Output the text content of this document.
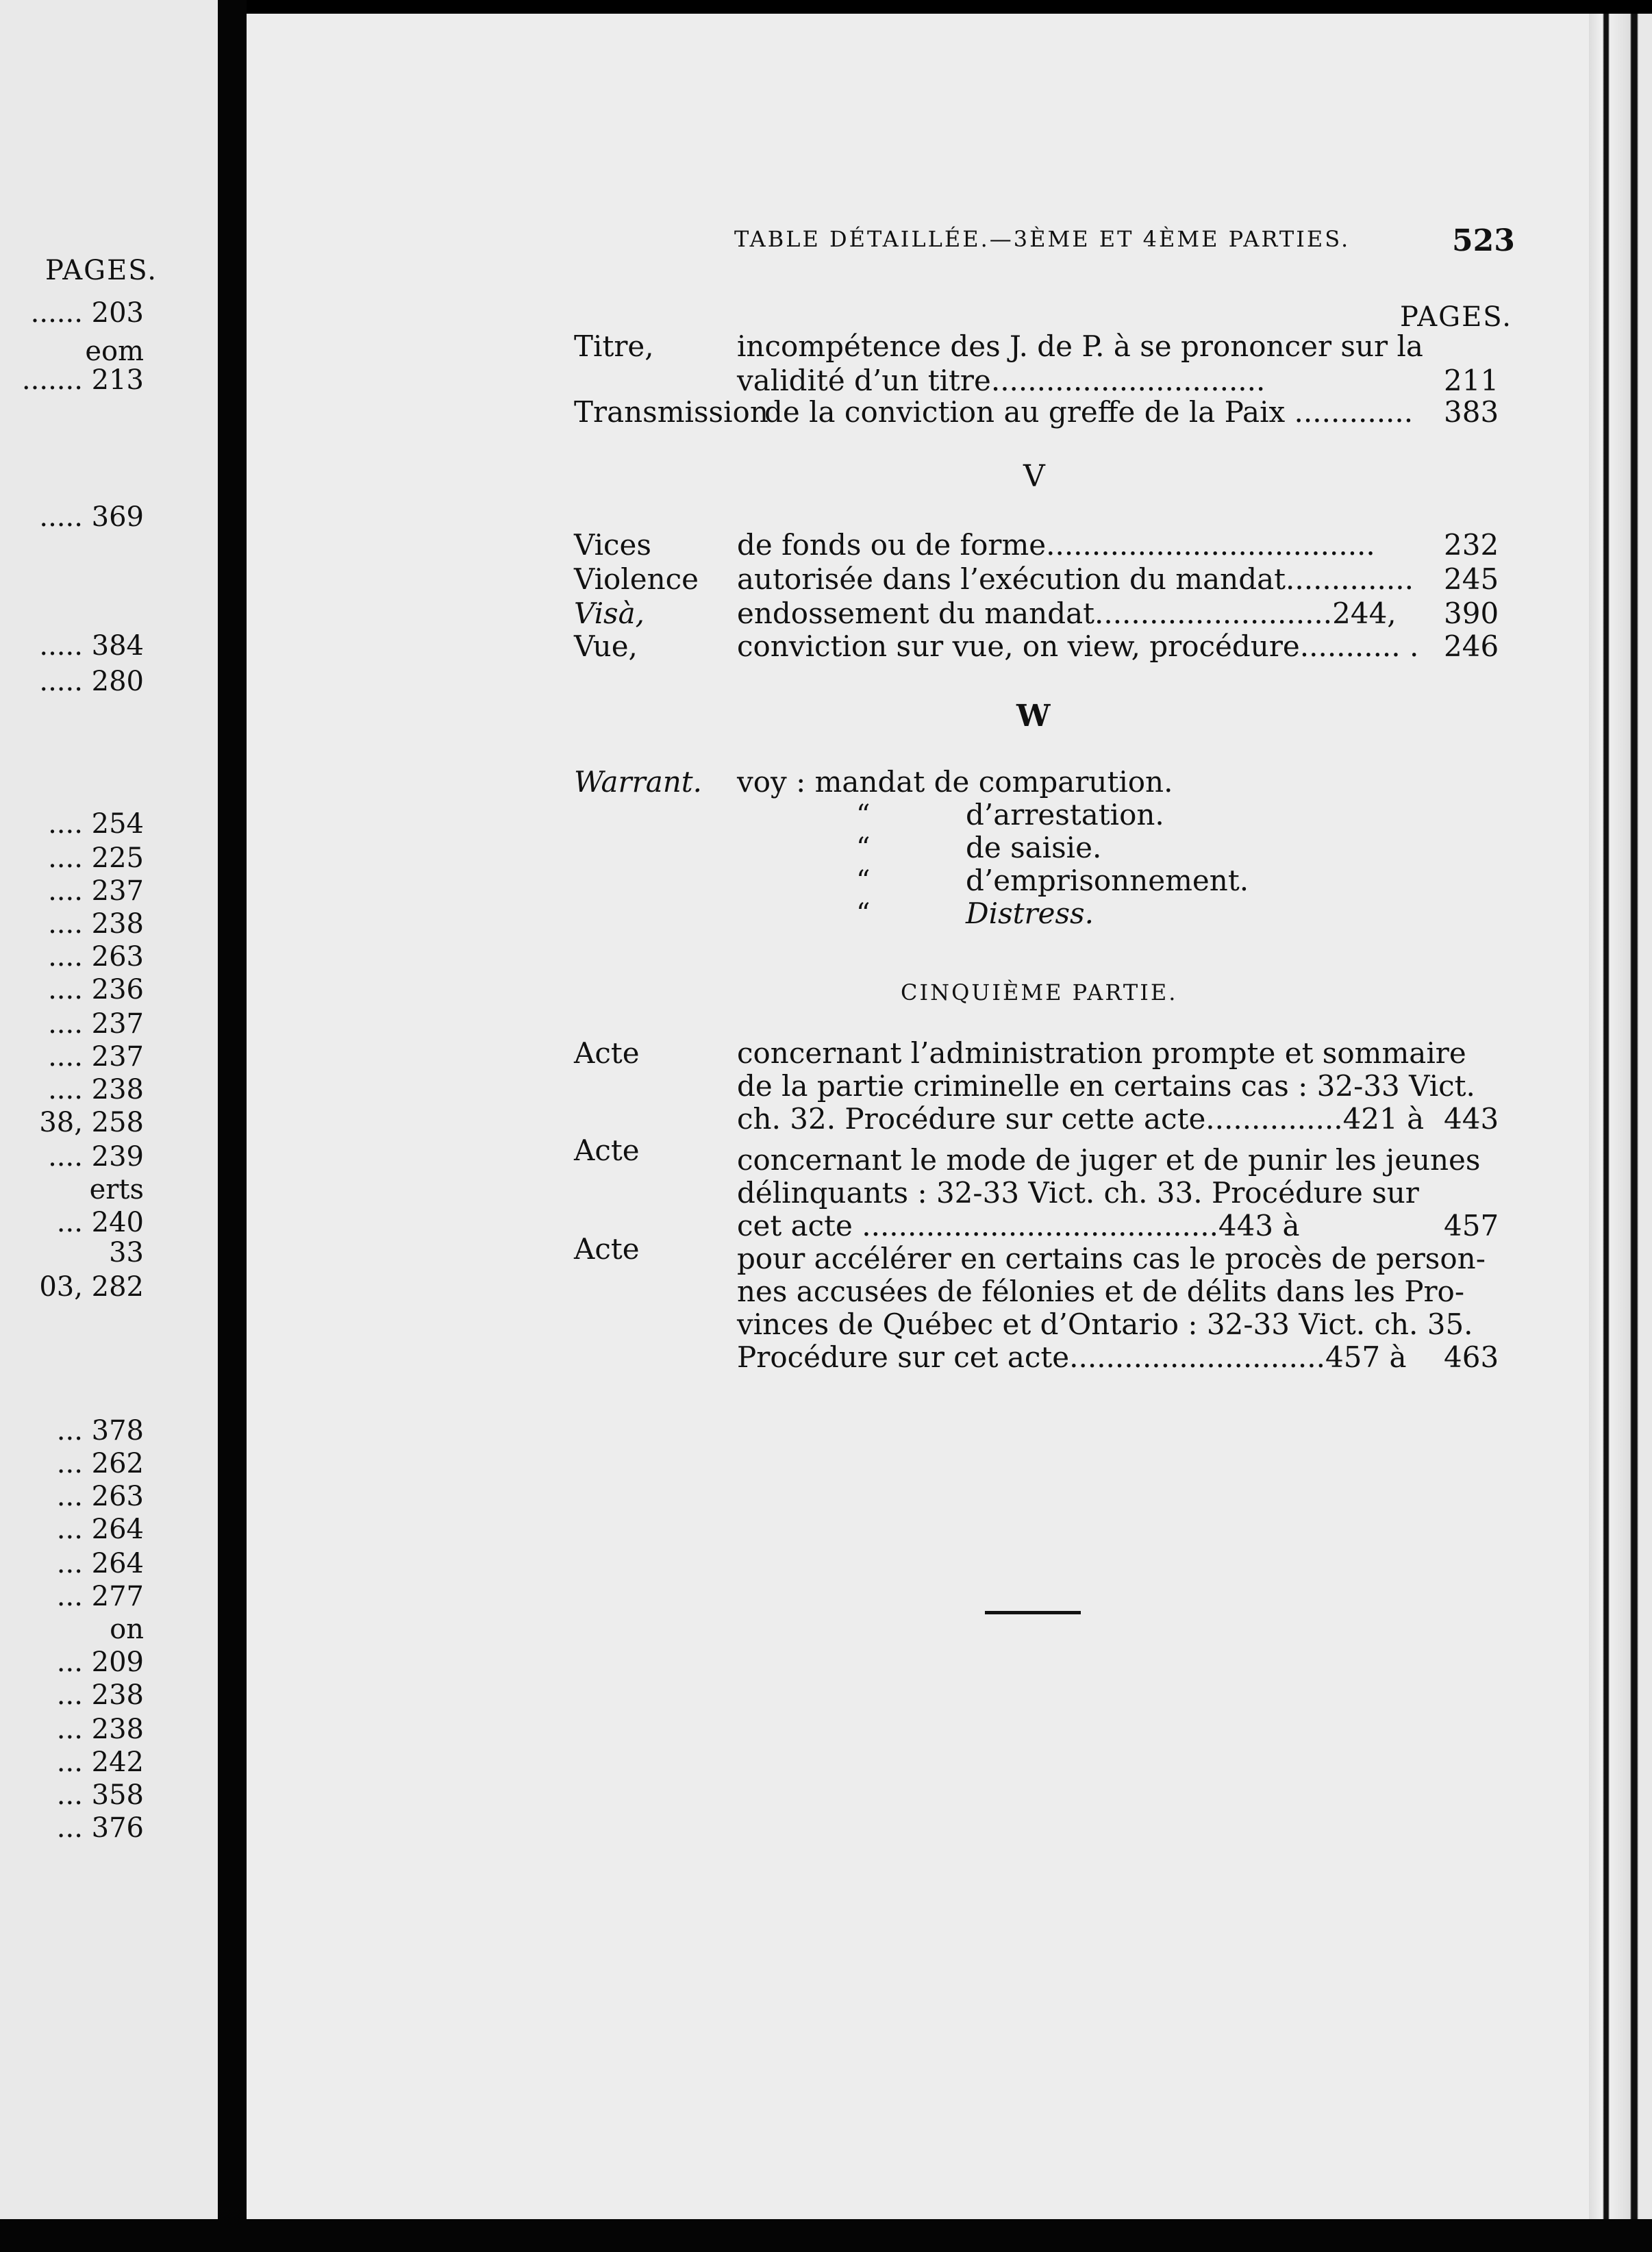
PAGES.
...... 203
eom
....... 213
..... 369
..... 384
..... 280
.... 254
.... 225
.... 237
.... 238
.... 263
.... 236
.... 237
.... 237
.... 238
38, 258
.... 239
erts
... 240
33
03, 282
... 378
... 262
... 263
... 264
... 264
... 277
on
... 209
... 238
... 238
... 242
... 358
... 376
TABLE DÉTAILLÉE.—3ÈME ET 4ÈME PARTIES.	523
PAGES.
Titre,	incompétence des J. de P. à se prononcer sur la
validité d’un titre..............................	211
Transmission
de la conviction au greffe de la Paix ............. 383
V
Vices	de fonds ou de forme.................................... 232
Violence autorisée dans l’exécution du mandat.............. 245
Visà,	endossement du mandat..........................244, 390
Vue,	conviction sur vue, on view, procédure........... . 246
W
Warrant. voy : mandat de comparution.
“	d’arrestation.
“	de saisie.
“	d’emprisonnement.
“	Distress.
CINQUIÈME PARTIE.
Acte	concernant l’administration prompte et sommaire
de la partie criminelle en certains cas : 32-33 Vict.
ch. 32. Procédure sur cette acte...............421 à 443
Acte	concernant le mode de juger et de punir les jeunes
délinquants : 32-33 Vict. ch. 33. Procédure sur
cet acte .......................................443 à	457
Acte	pour accélérer en certains cas le procès de person-
nes accusées de félonies et de délits dans les Pro-
vinces de Québec et d’Ontario : 32-33 Vict. ch. 35.
Procédure sur cet acte............................457 à 463
